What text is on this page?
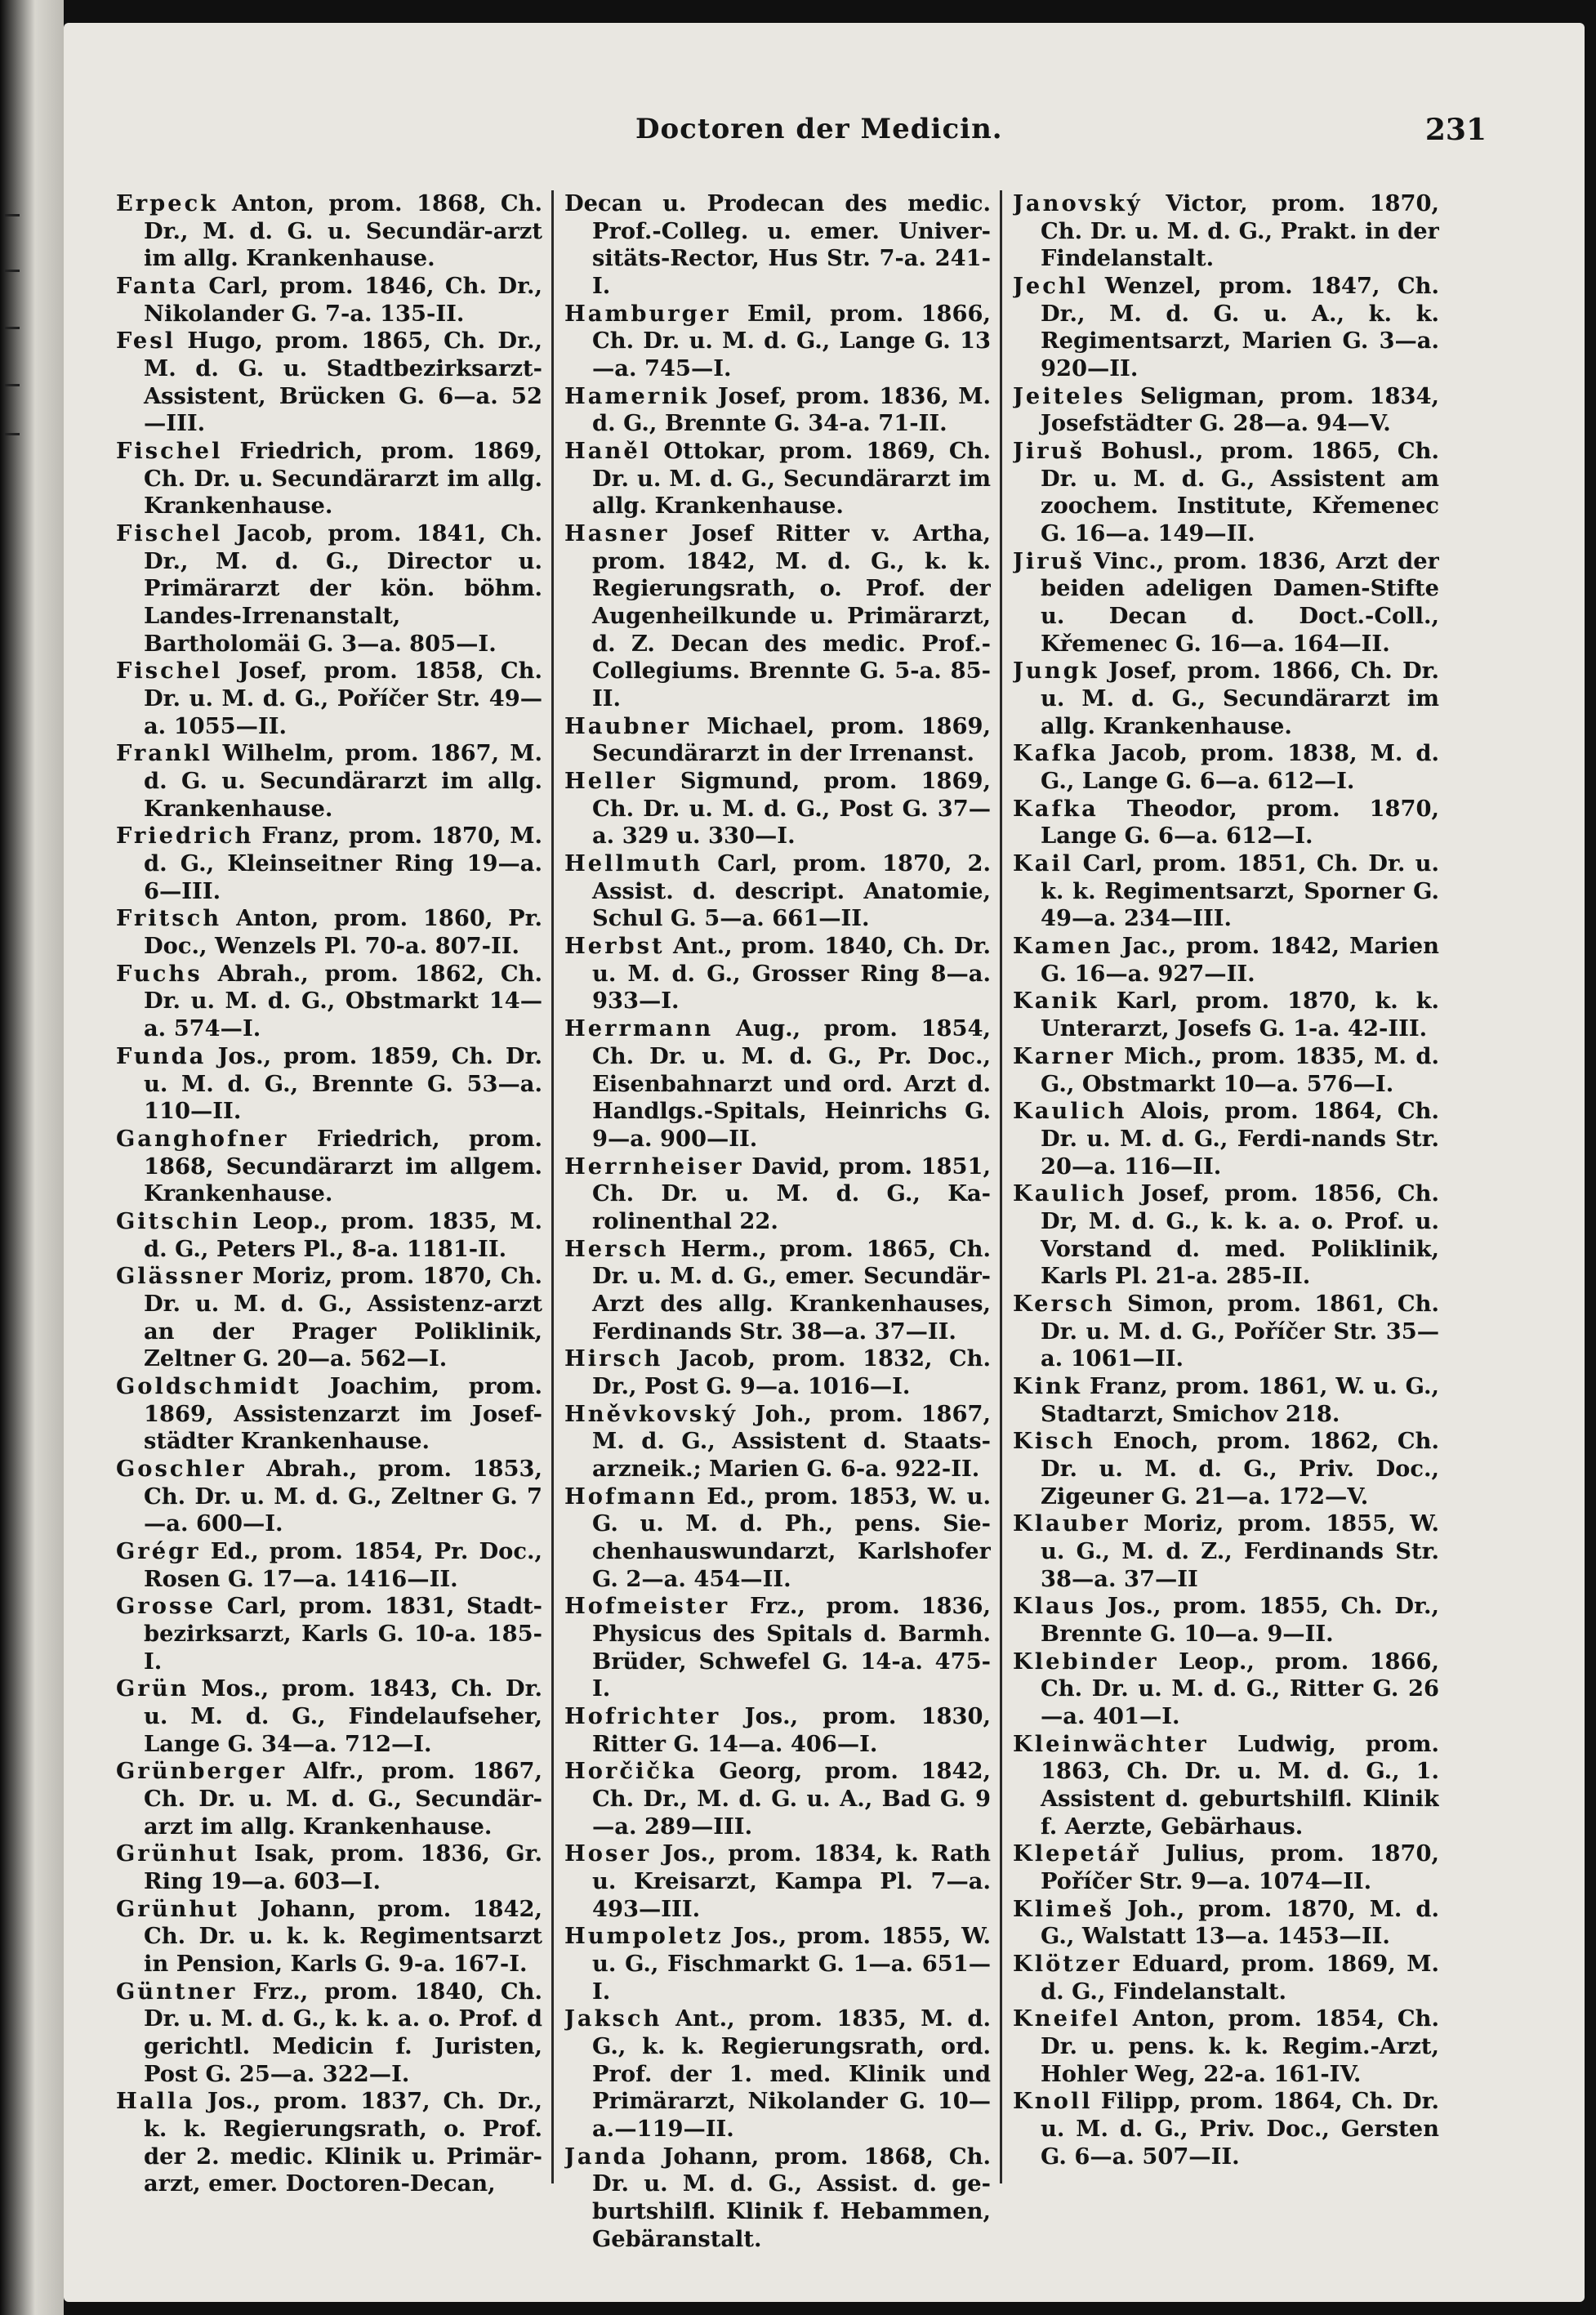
Doctoren der Medicin.	231

Erpeck Anton, prom. 1868, Ch. Dr., M. d. G. u. Secundär-arzt im allg. Krankenhause.

Fanta Carl, prom. 1846, Ch. Dr., Nikolander G. 7-a. 135-II.

Fesl Hugo, prom. 1865, Ch. Dr., M. d. G. u. Stadtbezirksarzt-Assistent, Brücken G. 6—a. 52—III.

Fischel Friedrich, prom. 1869, Ch. Dr. u. Secundärarzt im allg. Krankenhause.

Fischel Jacob, prom. 1841, Ch. Dr., M. d. G., Director u. Primärarzt der kön. böhm. Landes-Irrenanstalt, Bartholomäi G. 3—a. 805—I.

Fischel Josef, prom. 1858, Ch. Dr. u. M. d. G., Poříčer Str. 49—a. 1055—II.

Frankl Wilhelm, prom. 1867, M. d. G. u. Secundärarzt im allg. Krankenhause.

Friedrich Franz, prom. 1870, M. d. G., Kleinseitner Ring 19—a. 6—III.

Fritsch Anton, prom. 1860, Pr. Doc., Wenzels Pl. 70-a. 807-II.

Fuchs Abrah., prom. 1862, Ch. Dr. u. M. d. G., Obstmarkt 14—a. 574—I.

Funda Jos., prom. 1859, Ch. Dr. u. M. d. G., Brennte G. 53—a. 110—II.

Ganghofner Friedrich, prom. 1868, Secundärarzt im allgem. Krankenhause.

Gitschin Leop., prom. 1835, M. d. G., Peters Pl., 8-a. 1181-II.

Glässner Moriz, prom. 1870, Ch. Dr. u. M. d. G., Assistenz-arzt an der Prager Poliklinik, Zeltner G. 20—a. 562—I.

Goldschmidt Joachim, prom. 1869, Assistenzarzt im Josef-städter Krankenhause.

Goschler Abrah., prom. 1853, Ch. Dr. u. M. d. G., Zeltner G. 7—a. 600—I.

Grégr Ed., prom. 1854, Pr. Doc., Rosen G. 17—a. 1416—II.

Grosse Carl, prom. 1831, Stadt-bezirksarzt, Karls G. 10-a. 185-I.

Grün Mos., prom. 1843, Ch. Dr. u. M. d. G., Findelaufseher, Lange G. 34—a. 712—I.

Grünberger Alfr., prom. 1867, Ch. Dr. u. M. d. G., Secundär-arzt im allg. Krankenhause.

Grünhut Isak, prom. 1836, Gr. Ring 19—a. 603—I.

Grünhut Johann, prom. 1842, Ch. Dr. u. k. k. Regimentsarzt in Pension, Karls G. 9-a. 167-I.

Güntner Frz., prom. 1840, Ch. Dr. u. M. d. G., k. k. a. o. Prof. d gerichtl. Medicin f. Juristen, Post G. 25—a. 322—I.

Halla Jos., prom. 1837, Ch. Dr., k. k. Regierungsrath, o. Prof. der 2. medic. Klinik u. Primär-arzt, emer. Doctoren-Decan,

Decan u. Prodecan des medic. Prof.-Colleg. u. emer. Univer-sitäts-Rector, Hus Str. 7-a. 241-I.

Hamburger Emil, prom. 1866, Ch. Dr. u. M. d. G., Lange G. 13—a. 745—I.

Hamernik Josef, prom. 1836, M. d. G., Brennte G. 34-a. 71-II.

Haněl Ottokar, prom. 1869, Ch. Dr. u. M. d. G., Secundärarzt im allg. Krankenhause.

Hasner Josef Ritter v. Artha, prom. 1842, M. d. G., k. k. Regierungsrath, o. Prof. der Augenheilkunde u. Primärarzt, d. Z. Decan des medic. Prof.-Collegiums. Brennte G. 5-a. 85-II.

Haubner Michael, prom. 1869, Secundärarzt in der Irrenanst.

Heller Sigmund, prom. 1869, Ch. Dr. u. M. d. G., Post G. 37—a. 329 u. 330—I.

Hellmuth Carl, prom. 1870, 2. Assist. d. descript. Anatomie, Schul G. 5—a. 661—II.

Herbst Ant., prom. 1840, Ch. Dr. u. M. d. G., Grosser Ring 8—a. 933—I.

Herrmann Aug., prom. 1854, Ch. Dr. u. M. d. G., Pr. Doc., Eisenbahnarzt und ord. Arzt d. Handlgs.-Spitals, Heinrichs G. 9—a. 900—II.

Herrnheiser David, prom. 1851, Ch. Dr. u. M. d. G., Ka-rolinenthal 22.

Hersch Herm., prom. 1865, Ch. Dr. u. M. d. G., emer. Secundär-Arzt des allg. Krankenhauses, Ferdinands Str. 38—a. 37—II.

Hirsch Jacob, prom. 1832, Ch. Dr., Post G. 9—a. 1016—I.

Hněvkovský Joh., prom. 1867, M. d. G., Assistent d. Staats-arzneik.; Marien G. 6-a. 922-II.

Hofmann Ed., prom. 1853, W. u. G. u. M. d. Ph., pens. Sie-chenhauswundarzt, Karlshofer G. 2—a. 454—II.

Hofmeister Frz., prom. 1836, Physicus des Spitals d. Barmh. Brüder, Schwefel G. 14-a. 475-I.

Hofrichter Jos., prom. 1830, Ritter G. 14—a. 406—I.

Horčička Georg, prom. 1842, Ch. Dr., M. d. G. u. A., Bad G. 9—a. 289—III.

Hoser Jos., prom. 1834, k. Rath u. Kreisarzt, Kampa Pl. 7—a. 493—III.

Humpoletz Jos., prom. 1855, W. u. G., Fischmarkt G. 1—a. 651—I.

Jaksch Ant., prom. 1835, M. d. G., k. k. Regierungsrath, ord. Prof. der 1. med. Klinik und Primärarzt, Nikolander G. 10—a.—119—II.

Janda Johann, prom. 1868, Ch. Dr. u. M. d. G., Assist. d. ge-burtshilfl. Klinik f. Hebammen, Gebäranstalt.

Janovský Victor, prom. 1870, Ch. Dr. u. M. d. G., Prakt. in der Findelanstalt.

Jechl Wenzel, prom. 1847, Ch. Dr., M. d. G. u. A., k. k. Regimentsarzt, Marien G. 3—a. 920—II.

Jeiteles Seligman, prom. 1834, Josefstädter G. 28—a. 94—V.

Jiruš Bohusl., prom. 1865, Ch. Dr. u. M. d. G., Assistent am zoochem. Institute, Křemenec G. 16—a. 149—II.

Jiruš Vinc., prom. 1836, Arzt der beiden adeligen Damen-Stifte u. Decan d. Doct.-Coll., Křemenec G. 16—a. 164—II.

Jungk Josef, prom. 1866, Ch. Dr. u. M. d. G., Secundärarzt im allg. Krankenhause.

Kafka Jacob, prom. 1838, M. d. G., Lange G. 6—a. 612—I.

Kafka Theodor, prom. 1870, Lange G. 6—a. 612—I.

Kail Carl, prom. 1851, Ch. Dr. u. k. k. Regimentsarzt, Sporner G. 49—a. 234—III.

Kamen Jac., prom. 1842, Marien G. 16—a. 927—II.

Kanik Karl, prom. 1870, k. k. Unterarzt, Josefs G. 1-a. 42-III.

Karner Mich., prom. 1835, M. d. G., Obstmarkt 10—a. 576—I.

Kaulich Alois, prom. 1864, Ch. Dr. u. M. d. G., Ferdi-nands Str. 20—a. 116—II.

Kaulich Josef, prom. 1856, Ch. Dr, M. d. G., k. k. a. o. Prof. u. Vorstand d. med. Poliklinik, Karls Pl. 21-a. 285-II.

Kersch Simon, prom. 1861, Ch. Dr. u. M. d. G., Poříčer Str. 35—a. 1061—II.

Kink Franz, prom. 1861, W. u. G., Stadtarzt, Smichov 218.

Kisch Enoch, prom. 1862, Ch. Dr. u. M. d. G., Priv. Doc., Zigeuner G. 21—a. 172—V.

Klauber Moriz, prom. 1855, W. u. G., M. d. Z., Ferdinands Str. 38—a. 37—II

Klaus Jos., prom. 1855, Ch. Dr., Brennte G. 10—a. 9—II.

Klebinder Leop., prom. 1866, Ch. Dr. u. M. d. G., Ritter G. 26—a. 401—I.

Kleinwächter Ludwig, prom. 1863, Ch. Dr. u. M. d. G., 1. Assistent d. geburtshilfl. Klinik f. Aerzte, Gebärhaus.

Klepetář Julius, prom. 1870, Poříčer Str. 9—a. 1074—II.

Klimeš Joh., prom. 1870, M. d. G., Walstatt 13—a. 1453—II.

Klötzer Eduard, prom. 1869, M. d. G., Findelanstalt.

Kneifel Anton, prom. 1854, Ch. Dr. u. pens. k. k. Regim.-Arzt, Hohler Weg, 22-a. 161-IV.

Knoll Filipp, prom. 1864, Ch. Dr. u. M. d. G., Priv. Doc., Gersten G. 6—a. 507—II.
